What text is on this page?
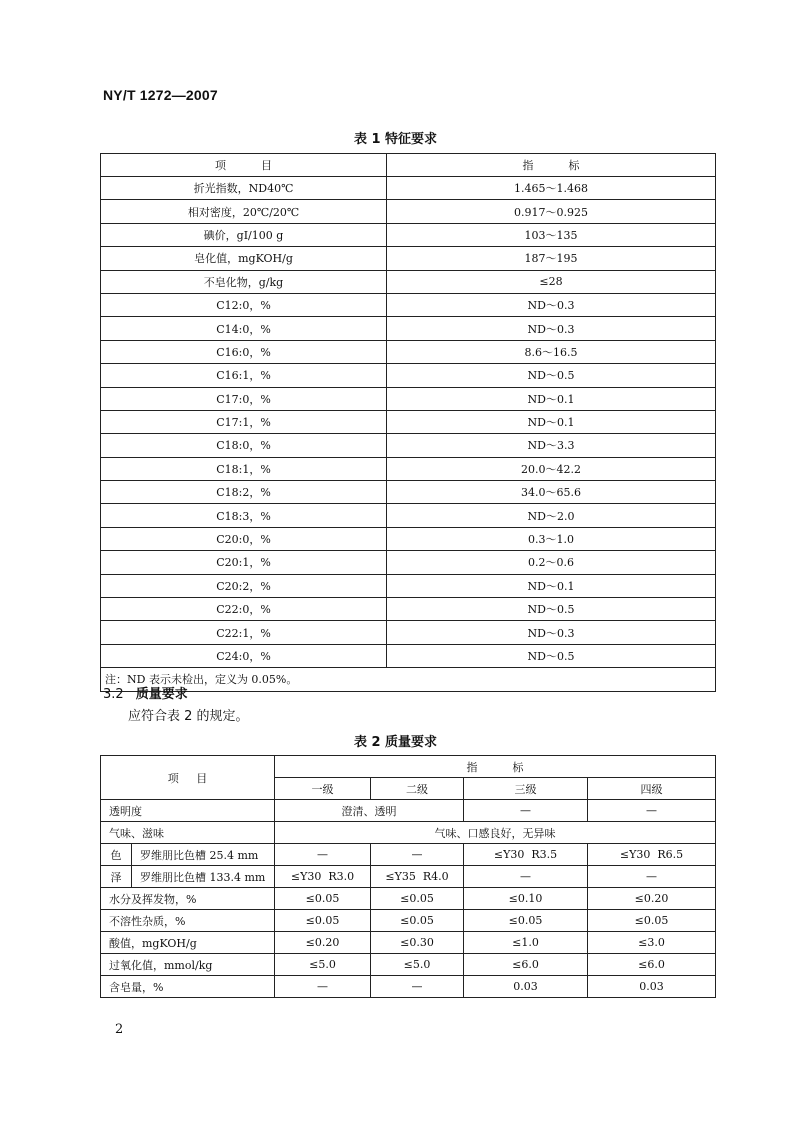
NY/T 1272—2007
表 1 特征要求
项          目	指          标
折光指数，ND40℃	1.465～1.468
相对密度，20℃/20℃	0.917～0.925
碘价，gI/100 g	103～135
皂化值，mgKOH/g	187～195
不皂化物，g/kg	≤28
C12:0，%	ND～0.3
C14:0，%	ND～0.3
C16:0，%	8.6～16.5
C16:1，%	ND～0.5
C17:0，%	ND～0.1
C17:1，%	ND～0.1
C18:0，%	ND～3.3
C18:1，%	20.0～42.2
C18:2，%	34.0～65.6
C18:3，%	ND～2.0
C20:0，%	0.3～1.0
C20:1，%	0.2～0.6
C20:2，%	ND～0.1
C22:0，%	ND～0.5
C22:1，%	ND～0.3
C24:0，%	ND～0.5
注：ND 表示未检出，定义为 0.05%。	
3.2 质量要求
应符合表 2 的规定。
表 2 质量要求
项     目		指          标			
		一级	二级	三级	四级
透明度		澄清、透明		—	—
气味、滋味		气味、口感良好，无异味			
色	罗维朋比色槽 25.4 mm	—	—	≤Y30  R3.5	≤Y30  R6.5
泽	罗维朋比色槽 133.4 mm	≤Y30  R3.0	≤Y35  R4.0	—	—
水分及挥发物，%		≤0.05	≤0.05	≤0.10	≤0.20
不溶性杂质，%		≤0.05	≤0.05	≤0.05	≤0.05
酸值，mgKOH/g		≤0.20	≤0.30	≤1.0	≤3.0
过氧化值，mmol/kg		≤5.0	≤5.0	≤6.0	≤6.0
含皂量，%		—	—	0.03	0.03
2
